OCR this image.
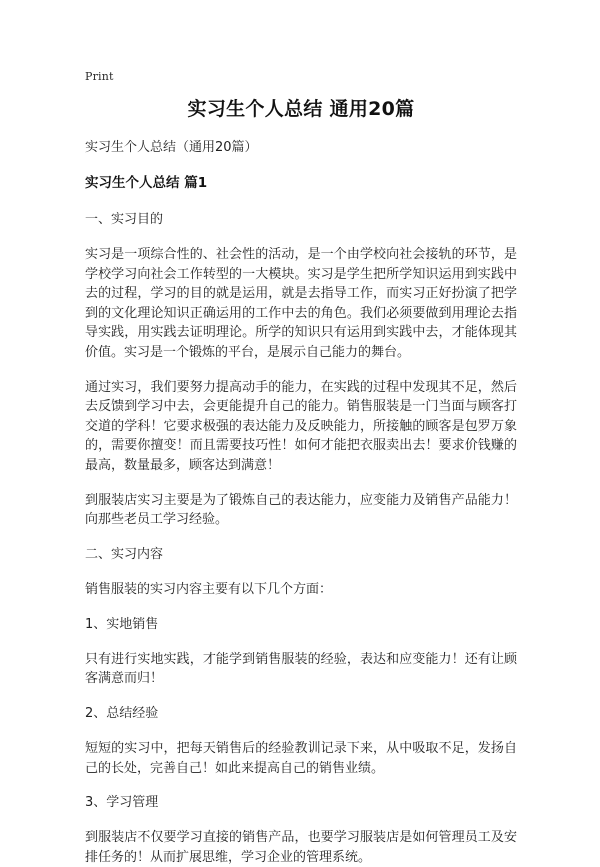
Print
实习生个人总结 通用20篇

实习生个人总结（通用20篇）

实习生个人总结 篇1

一、实习目的

实习是一项综合性的、社会性的活动，是一个由学校向社会接轨的环节，是学校学习向社会工作转型的一大模块。实习是学生把所学知识运用到实践中去的过程，学习的目的就是运用，就是去指导工作，而实习正好扮演了把学到的文化理论知识正确运用的工作中去的角色。我们必须要做到用理论去指导实践，用实践去证明理论。所学的知识只有运用到实践中去，才能体现其价值。实习是一个锻炼的平台，是展示自己能力的舞台。

通过实习，我们要努力提高动手的能力，在实践的过程中发现其不足，然后去反馈到学习中去，会更能提升自己的能力。销售服装是一门当面与顾客打交道的学科！它要求极强的表达能力及反映能力，所接触的顾客是包罗万象的，需要你擅变！而且需要技巧性！如何才能把衣服卖出去！要求价钱赚的最高，数量最多，顾客达到满意！

到服装店实习主要是为了锻炼自己的表达能力，应变能力及销售产品能力！向那些老员工学习经验。

二、实习内容

销售服装的实习内容主要有以下几个方面：

1、实地销售

只有进行实地实践，才能学到销售服装的经验，表达和应变能力！还有让顾客满意而归！

2、总结经验

短短的实习中，把每天销售后的经验教训记录下来，从中吸取不足，发扬自己的长处，完善自己！如此来提高自己的销售业绩。

3、学习管理

到服装店不仅要学习直接的销售产品，也要学习服装店是如何管理员工及安排任务的！从而扩展思维，学习企业的管理系统。
